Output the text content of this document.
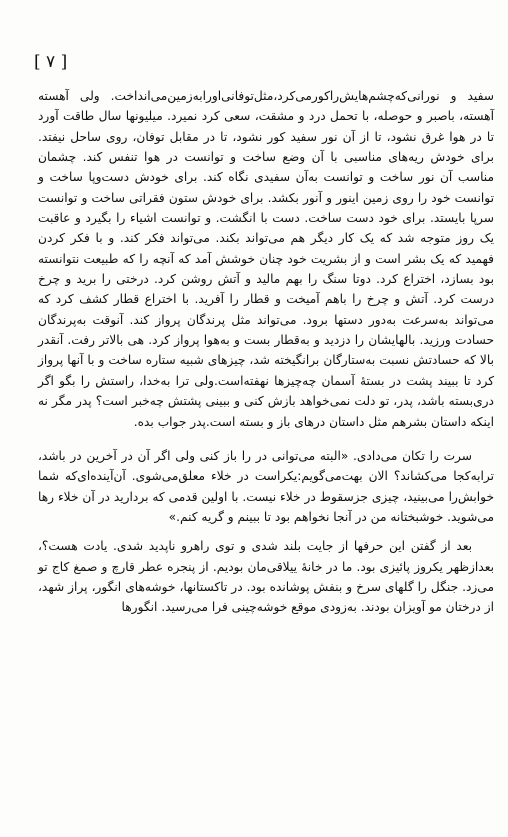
[ ۷ ]

سفید و نورانی‌که‌چشم‌هایش‌راکورمی‌کرد،مثل‌توفانی‌او‌را‌به‌زمین‌می‌انداخت. ولی آهسته آهسته، باصبر و حوصله، با تحمل درد و مشقت، سعی کرد نمیرد. میلیونها سال طاقت آورد تا در هوا غرق نشود، تا از آن نور سفید کور نشود، تا در مقابل توفان، روی ساحل نیفتد. برای خودش ریه‌های مناسبی با آن وضع ساخت و توانست در هوا تنفس کند. چشمان مناسب آن نور ساخت و توانست به‌آن سفیدی نگاه کند. برای خودش دست‌وپا ساخت و توانست خود را روی زمین اینور و آنور بکشد. برای خودش ستون فقراتی ساخت و توانست سرپا بایستد. برای خود دست ساخت. دست با انگشت. و توانست اشیاء را بگیرد و عاقبت یک روز متوجه شد که یک کار دیگر هم می‌تواند بکند. می‌تواند فکر کند. و با فکر کردن فهمید که یک بشر است و از بشریت خود چنان خوشش آمد که آنچه را که طبیعت نتوانسته بود بسازد، اختراع کرد. دوتا سنگ را بهم مالید و آتش روشن کرد. درختی را برید و چرخ درست کرد. آتش و چرخ را باهم آمیخت و قطار را آفرید. با اختراع قطار کشف کرد که می‌تواند به‌سرعت به‌دور دستها برود. می‌تواند مثل پرندگان پرواز کند. آنوقت به‌پرندگان حسادت ورزید. بالهایشان را دزدید و به‌قطار بست و به‌هوا پرواز کرد. هی بالاتر رفت. آنقدر بالا که حسادتش نسبت به‌ستارگان برانگیخته شد، چیزهای شبیه ستاره ساخت و با آنها پرواز کرد تا ببیند پشت در بستهٔ آسمان چه‌چیزها نهفته‌است.ولی ترا به‌خدا، راستش را بگو اگر در‌ی‌بسته باشد، پدر، تو دلت نمی‌خواهد بازش کنی و ببینی پشتش چه‌خبر است؟ پدر مگر نه اینکه داستان بشر‌هم مثل داستان درهای باز و بسته است.پدر جواب بده.

سرت را تکان می‌دادی. «البته می‌توانی در را باز کنی ولی اگر آن در آخرین در باشد، ترا‌به‌کجا می‌کشاند؟ الان بهت‌می‌گویم:یکراست در خلاء معلق‌می‌شوی. آن‌آینده‌ای‌که شما خوابش‌را می‌بینید، چیزی جزسقوط در خلاء نیست. با اولین قدمی که بردارید در آن خلاء رها می‌شوید. خوشبختانه من در آنجا نخواهم بود تا ببینم و گریه کنم.»

بعد از گفتن این حرفها از جایت بلند شدی و توی راهرو ناپدید شدی. یادت هست؟، بعدازظهر یکروز پائیزی بود. ما در خانهٔ ییلاقی‌مان بودیم. از پنجره عطر قارچ و صمغ کاج تو می‌زد. جنگل را گلهای سرخ و بنفش پوشانده بود. در تاکستانها، خوشه‌های انگور، پراز شهد، از درختان مو آویزان بودند. به‌زودی موقع خوشه‌چینی فرا می‌رسید. انگورها
